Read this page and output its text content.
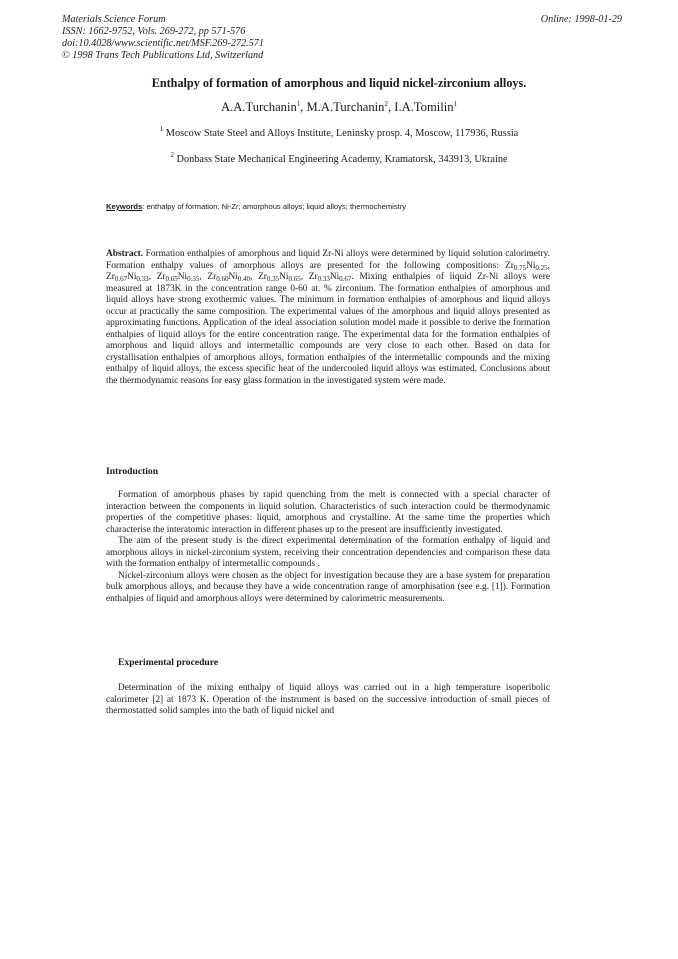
Materials Science Forum
ISSN: 1662-9752, Vols. 269-272, pp 571-576
doi:10.4028/www.scientific.net/MSF.269-272.571
© 1998 Trans Tech Publications Ltd, Switzerland
Online: 1998-01-29
Enthalpy of formation of amorphous and liquid nickel-zirconium alloys.
A.A.Turchanin$^1$, M.A.Turchanin$^2$, I.A.Tomilin$^1$
$^1$ Moscow State Steel and Alloys Institute, Leninsky prosp. 4, Moscow, 117936, Russia
$^2$ Donbass State Mechanical Engineering Academy, Kramatorsk, 343913, Ukraine
Keywords: enthalpy of formation; Ni-Zr; amorphous alloys; liquid alloys; thermochemistry
Abstract. Formation enthalpies of amorphous and liquid Zr-Ni alloys were determined by liquid solution calorimetry. Formation enthalpy values of amorphous alloys are presented for the following compositions: $Zr_{0.75}Ni_{0.25}$, $Zr_{0.67}Ni_{0.33}$, $Zr_{0.65}Ni_{0.35}$, $Zr_{0.60}Ni_{0.40}$, $Zr_{0.35}Ni_{0.65}$, $Zr_{0.33}Ni_{0.67}$. Mixing enthalpies of liquid Zr-Ni alloys were measured at 1873K in the concentration range 0-60 at. % zirconium. The formation enthalpies of amorphous and liquid alloys have strong exothermic values. The minimum in formation enthalpies of amorphous and liquid alloys occur at practically the same composition. The experimental values of the amorphous and liquid alloys presented as approximating functions. Application of the ideal association solution model made it possible to derive the formation enthalpies of liquid alloys for the entire concentration range. The experimental data for the formation enthalpies of amorphous and liquid alloys and intermetallic compounds are very close to each other. Based on data for crystallisation enthalpies of amorphous alloys, formation enthalpies of the intermetallic compounds and the mixing enthalpy of liquid alloys, the excess specific heat of the undercooled liquid alloys was estimated. Conclusions about the thermodynamic reasons for easy glass formation in the investigated system were made.
Introduction

Formation of amorphous phases by rapid quenching from the melt is connected with a special character of interaction between the components in liquid solution. Characteristics of such interaction could be thermodynamic properties of the competitive phases: liquid, amorphous and crystalline. At the same time the properties which characterise the interatomic interaction in different phases up to the present are insufficiently investigated.

The aim of the present study is the direct experimental determination of the formation enthalpy of liquid and amorphous alloys in nickel-zirconium system, receiving their concentration dependencies and comparison these data with the formation enthalpy of intermetallic compounds .

Nickel-zirconium alloys were chosen as the object for investigation because they are a base system for preparation bulk amorphous alloys, and because they have a wide concentration range of amorphisation (see e.g. [1]). Formation enthalpies of liquid and amorphous alloys were determined by calorimetric measurements.

Experimental procedure

Determination of the mixing enthalpy of liquid alloys was carried out in a high temperature isoperibolic calorimeter [2] at 1873 K. Operation of the instrument is based on the successive introduction of small pieces of thermostatted solid samples into the bath of liquid nickel and
